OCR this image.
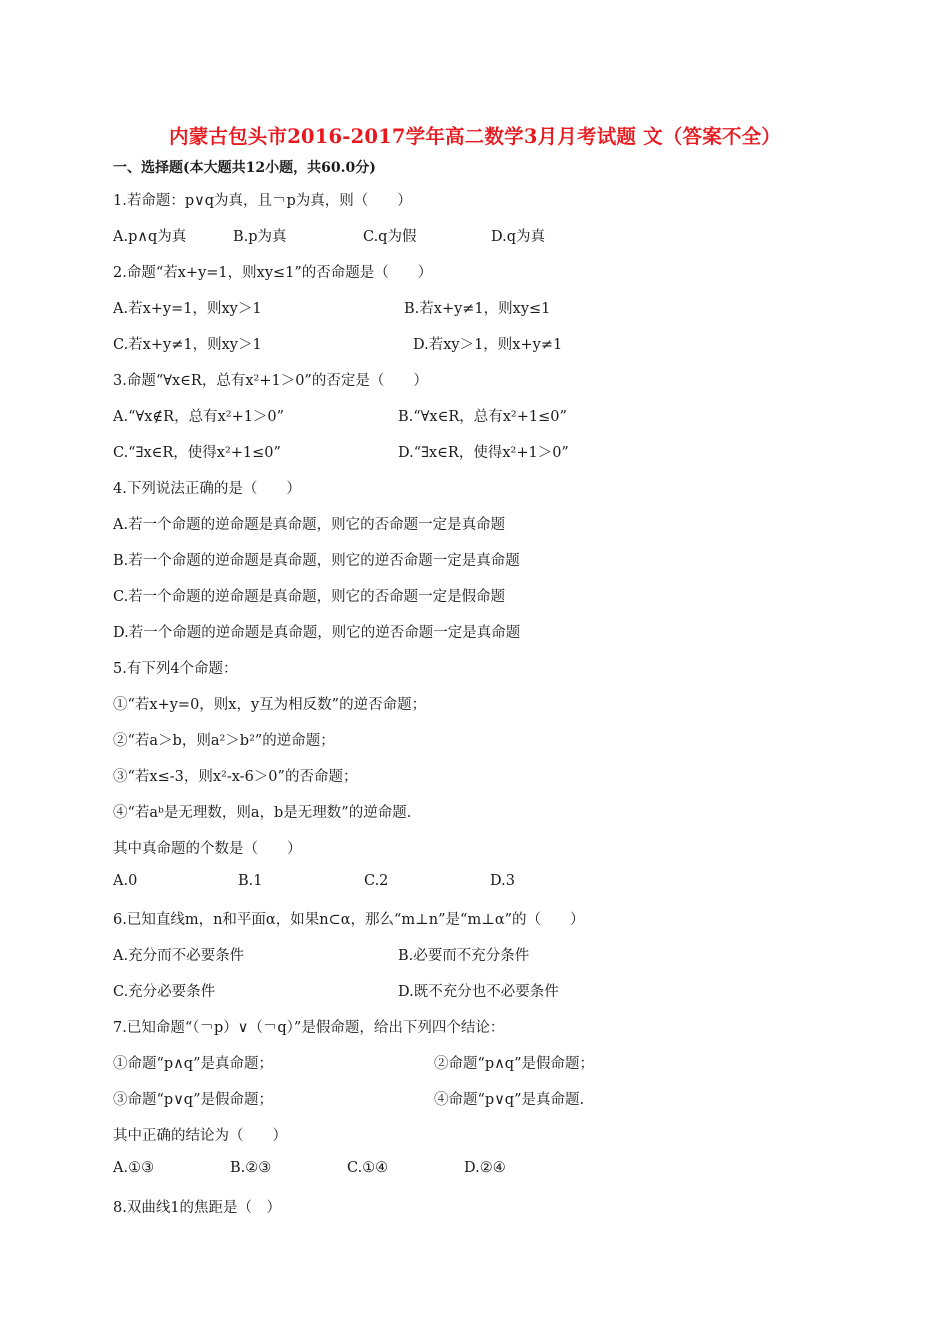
内蒙古包头市2016-2017学年高二数学3月月考试题 文（答案不全）
一、选择题(本大题共12小题，共60.0分)
1.若命题：p∨q为真，且￢p为真，则（　　）
A.p∧q为真	B.p为真	C.q为假	D.q为真
2.命题“若x+y=1，则xy≤1”的否命题是（　　）
A.若x+y=1，则xy＞1	B.若x+y≠1，则xy≤1
C.若x+y≠1，则xy＞1	D.若xy＞1，则x+y≠1
3.命题“∀x∈R，总有x²+1＞0”的否定是（　　）
A.“∀x∉R，总有x²+1＞0”	B.“∀x∈R，总有x²+1≤0”
C.“∃x∈R，使得x²+1≤0”	D.“∃x∈R，使得x²+1＞0”
4.下列说法正确的是（　　）
A.若一个命题的逆命题是真命题，则它的否命题一定是真命题
B.若一个命题的逆命题是真命题，则它的逆否命题一定是真命题
C.若一个命题的逆命题是真命题，则它的否命题一定是假命题
D.若一个命题的逆命题是真命题，则它的逆否命题一定是真命题
5.有下列4个命题：
①“若x+y=0，则x，y互为相反数”的逆否命题；
②“若a＞b，则a²＞b²”的逆命题；
③“若x≤-3，则x²-x-6＞0”的否命题；
④“若aᵇ是无理数，则a，b是无理数”的逆命题.
其中真命题的个数是（　　）
A.0	B.1	C.2	D.3
6.已知直线m，n和平面α，如果n⊂α，那么“m⊥n”是“m⊥α”的（　　）
A.充分而不必要条件	B.必要而不充分条件
C.充分必要条件	D.既不充分也不必要条件
7.已知命题“（￢p）∨（￢q）”是假命题，给出下列四个结论：
①命题“p∧q”是真命题；	②命题“p∧q”是假命题；
③命题“p∨q”是假命题；	④命题“p∨q”是真命题.
其中正确的结论为（　　）
A.①③	B.②③	C.①④	D.②④
8.双曲线1的焦距是（　）
